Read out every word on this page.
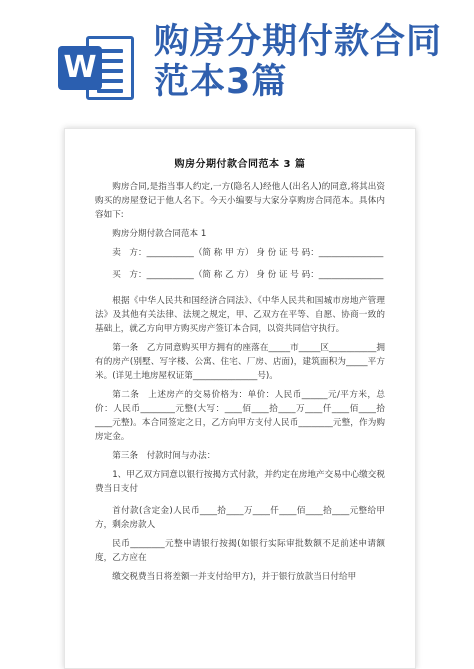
W
购房分期付款合同范本3篇
购房分期付款合同范本 3 篇

购房合同,是指当事人约定,一方(隐名人)经他人(出名人)的同意,将其出资购买的房屋登记于他人名下。今天小编要与大家分享购房合同范本。具体内容如下:

购房分期付款合同范本 1

卖　方：___________（简 称 甲 方） 身 份 证 号 码：_______________

买　方：___________（简 称 乙 方） 身 份 证 号 码：_______________

根据《中华人民共和国经济合同法》、《中华人民共和国城市房地产管理法》及其他有关法律、法规之规定，甲、乙双方在平等、自愿、协商一致的基础上，就乙方向甲方购买房产签订本合同，以资共同信守执行。

第一条　乙方同意购买甲方拥有的座落在_____市_____区___________拥有的房产(别墅、写字楼、公寓、住宅、厂房、店面)，建筑面积为_____平方米。(详见土地房屋权证第_______________号)。

第二条　上述房产的交易价格为：单价：人民币______元/平方米，总价：人民币________元整(大写：____佰____拾____万____仟____佰____拾____元整)。本合同签定之日，乙方向甲方支付人民币________元整，作为购房定金。

第三条　付款时间与办法：

1、甲乙双方同意以银行按揭方式付款，并约定在房地产交易中心缴交税费当日支付

首付款(含定金)人民币____拾____万____仟____佰____拾____元整给甲方，剩余房款人

民币________元整申请银行按揭(如银行实际审批数额不足前述申请额度，乙方应在

缴交税费当日将差额一并支付给甲方)，并于银行放款当日付给甲
